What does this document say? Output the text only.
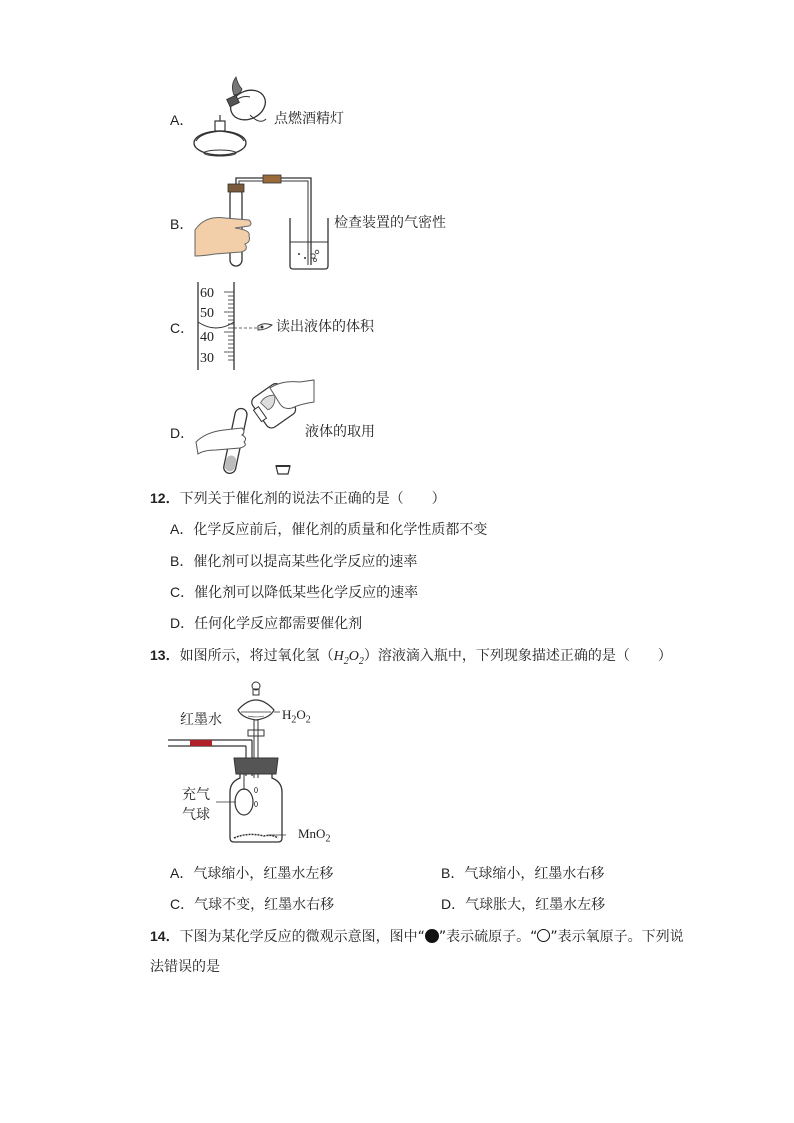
A．	点燃酒精灯
B．	检查装置的气密性
C．
60
50
40
30
读出液体的体积
D．	液体的取用
12．下列关于催化剂的说法不正确的是（　　）
A．化学反应前后，催化剂的质量和化学性质都不变
B．催化剂可以提高某些化学反应的速率
C．催化剂可以降低某些化学反应的速率
D．任何化学反应都需要催化剂
13．如图所示，将过氧化氢$(H_2O_2)$溶液滴入瓶中，下列现象描述正确的是（　　）
红墨水	$H_2O_2$
充气
气球
MnO$_2$
A．气球缩小，红墨水左移	B．气球缩小，红墨水右移
C．气球不变，红墨水右移	D．气球胀大，红墨水左移
14．下图为某化学反应的微观示意图，图中“ ”表示硫原子。“ ”表示氧原子。下列说
法错误的是
